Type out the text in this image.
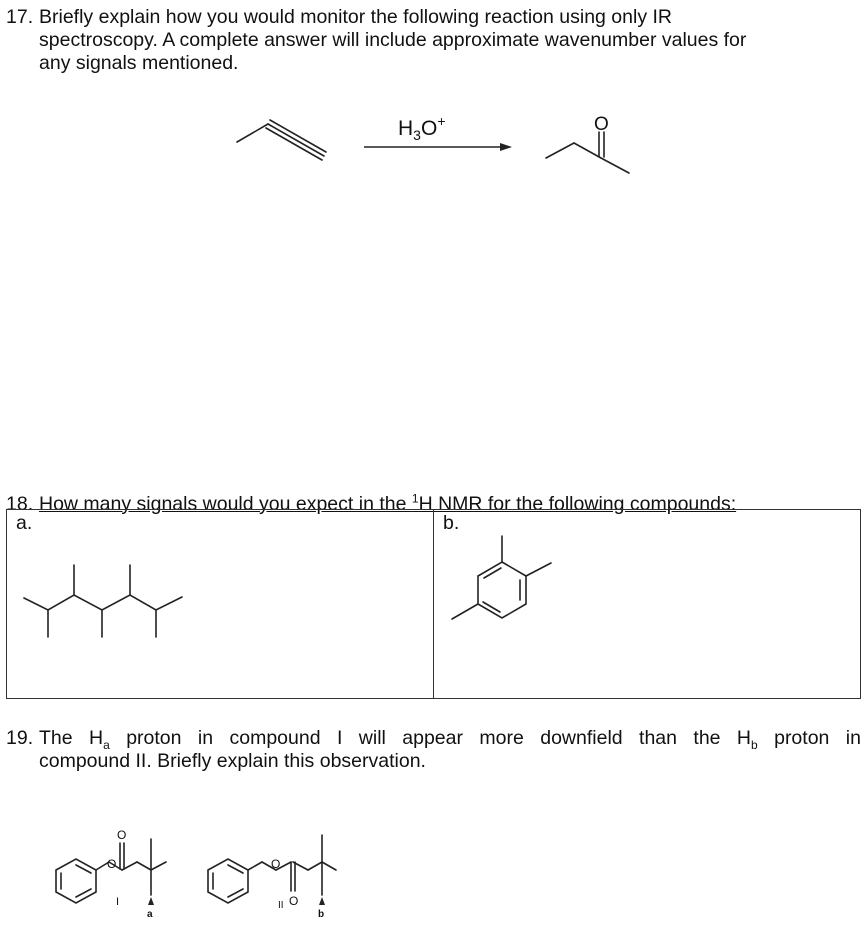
17. Briefly explain how you would monitor the following reaction using only IR
spectroscopy. A complete answer will include approximate wavenumber values for
any signals mentioned.
$H_3O^+$	O
18. How many signals would you expect in the $^1$H NMR for the following compounds:
a.	b.
The $H_a$ proton in compound I will appear more downfield than the $H_b$ proton in
compound II. Briefly explain this observation.
O
O
I
a
O
O
II
b
19.
